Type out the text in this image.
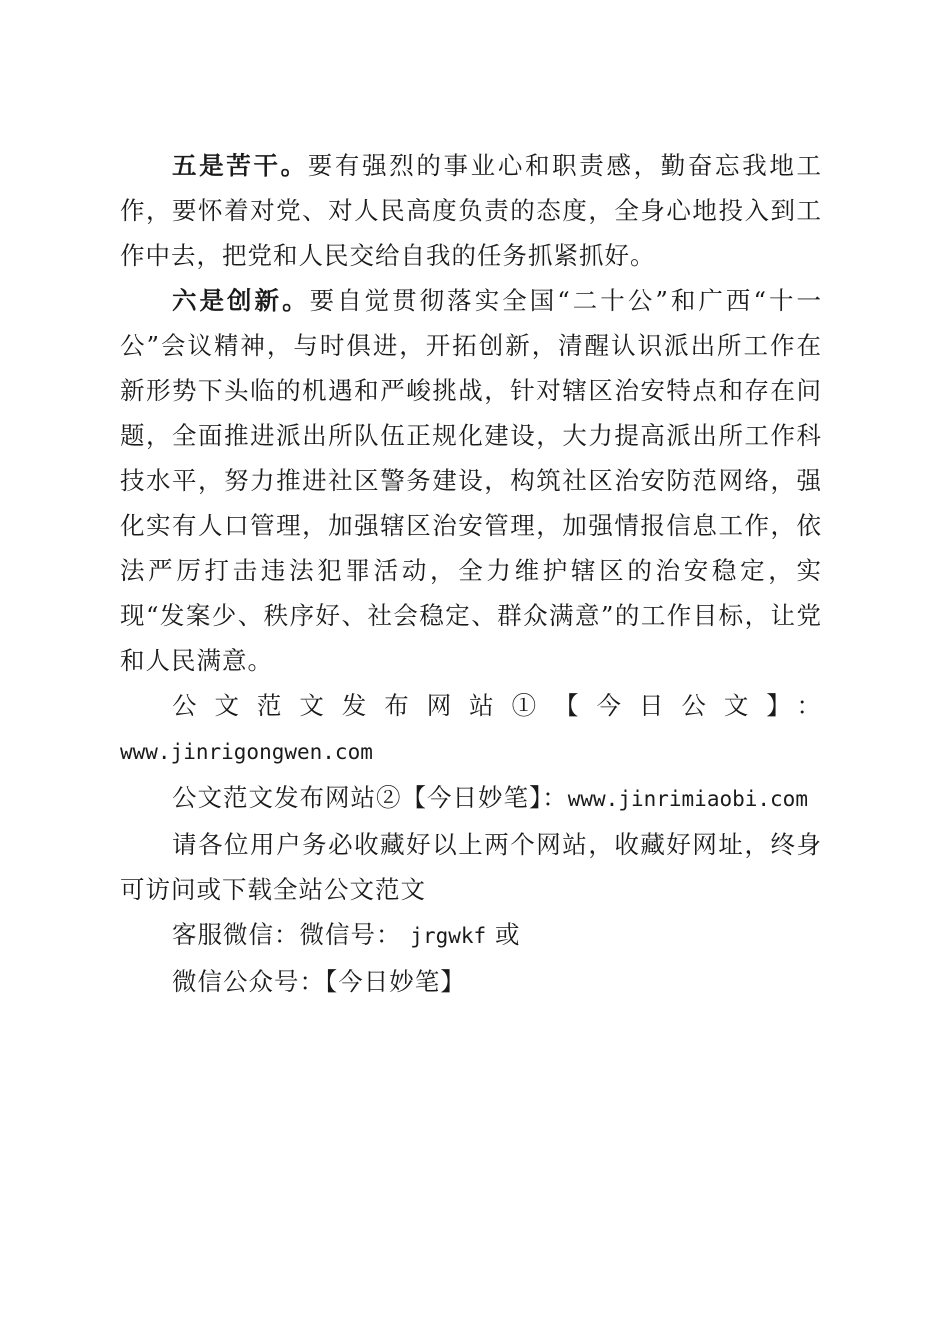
五是苦干。要有强烈的事业心和职责感，勤奋忘我地工作，要怀着对党、对人民高度负责的态度，全身心地投入到工作中去，把党和人民交给自我的任务抓紧抓好。

六是创新。要自觉贯彻落实全国“二十公”和广西“十一公”会议精神，与时俱进，开拓创新，清醒认识派出所工作在新形势下头临的机遇和严峻挑战，针对辖区治安特点和存在问题，全面推进派出所队伍正规化建设，大力提高派出所工作科技水平，努力推进社区警务建设，构筑社区治安防范网络，强化实有人口管理，加强辖区治安管理，加强情报信息工作，依法严厉打击违法犯罪活动，全力维护辖区的治安稳定，实现“发案少、秩序好、社会稳定、群众满意”的工作目标，让党和人民满意。

公文范文发布网站①【今日公文】：

www.jinrigongwen.com

公文范文发布网站②【今日妙笔】：www.jinrimiaobi.com

请各位用户务必收藏好以上两个网站，收藏好网址，终身可访问或下载全站公文范文

客服微信：微信号： jrgwkf 或

微信公众号：【今日妙笔】
